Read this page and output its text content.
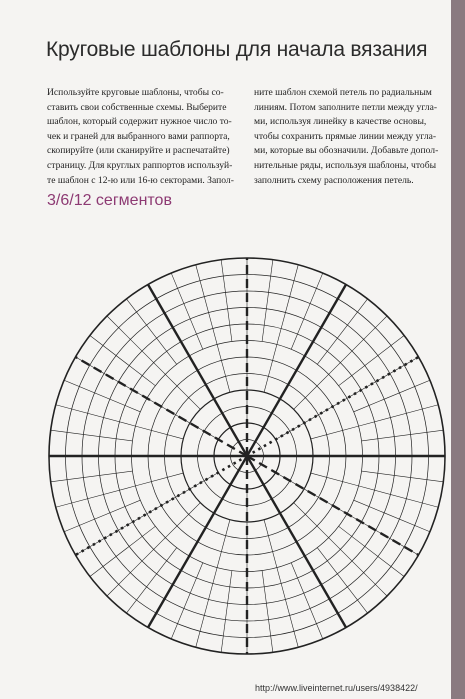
Круговые шаблоны для начала вязания
Используйте круговые шаблоны, чтобы со-
ставить свои собственные схемы. Выберите
шаблон, который содержит нужное число то-
чек и граней для выбранного вами раппорта,
скопируйте (или сканируйте и распечатайте)
страницу. Для круглых раппортов используй-
те шаблон с 12-ю или 16-ю секторами. Запол-
ните шаблон схемой петель по радиальным
линиям. Потом заполните петли между угла-
ми, используя линейку в качестве основы,
чтобы сохранить прямые линии между угла-
ми, которые вы обозначили. Добавьте допол-
нительные ряды, используя шаблоны, чтобы
заполнить схему расположения петель.
3/6/12 сегментов
http://www.liveinternet.ru/users/4938422/
